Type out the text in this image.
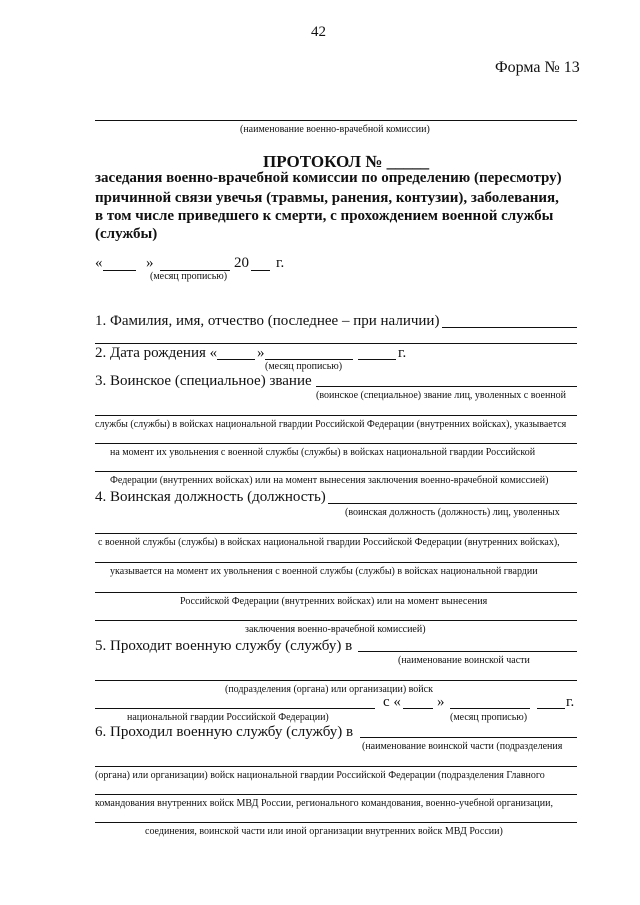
42
Форма № 13
(наименование военно-врачебной комиссии)
ПРОТОКОЛ № _____
заседания военно-врачебной комиссии по определению (пересмотру)
причинной связи увечья (травмы, ранения, контузии), заболевания,
в том числе приведшего к смерти, с прохождением военной службы
(службы)
«	»	20 г.
(месяц прописью)
1. Фамилия, имя, отчество (последнее – при наличии)
2. Дата рождения «	»	г.
(месяц прописью)
3. Воинское (специальное) звание
(воинское (специальное) звание лиц, уволенных с военной
службы (службы) в войсках национальной гвардии Российской Федерации (внутренних войсках), указывается
на момент их увольнения с военной службы (службы) в войсках национальной гвардии Российской
Федерации (внутренних войсках) или на момент вынесения заключения военно-врачебной комиссией)
4. Воинская должность (должность)
(воинская должность (должность) лиц, уволенных
с военной службы (службы) в войсках национальной гвардии Российской Федерации (внутренних войсках),
указывается на момент их увольнения с военной службы (службы) в войсках национальной гвардии
Российской Федерации (внутренних войсках) или на момент вынесения
заключения военно-врачебной комиссией)
5. Проходит военную службу (службу) в
(наименование воинской части
(подразделения (органа) или организации) войск
с « »	г.
национальной гвардии Российской Федерации)	(месяц прописью)
6. Проходил военную службу (службу) в
(наименование воинской части (подразделения
(органа) или организации) войск национальной гвардии Российской Федерации (подразделения Главного
командования внутренних войск МВД России, регионального командования, военно-учебной организации,
соединения, воинской части или иной организации внутренних войск МВД России)
